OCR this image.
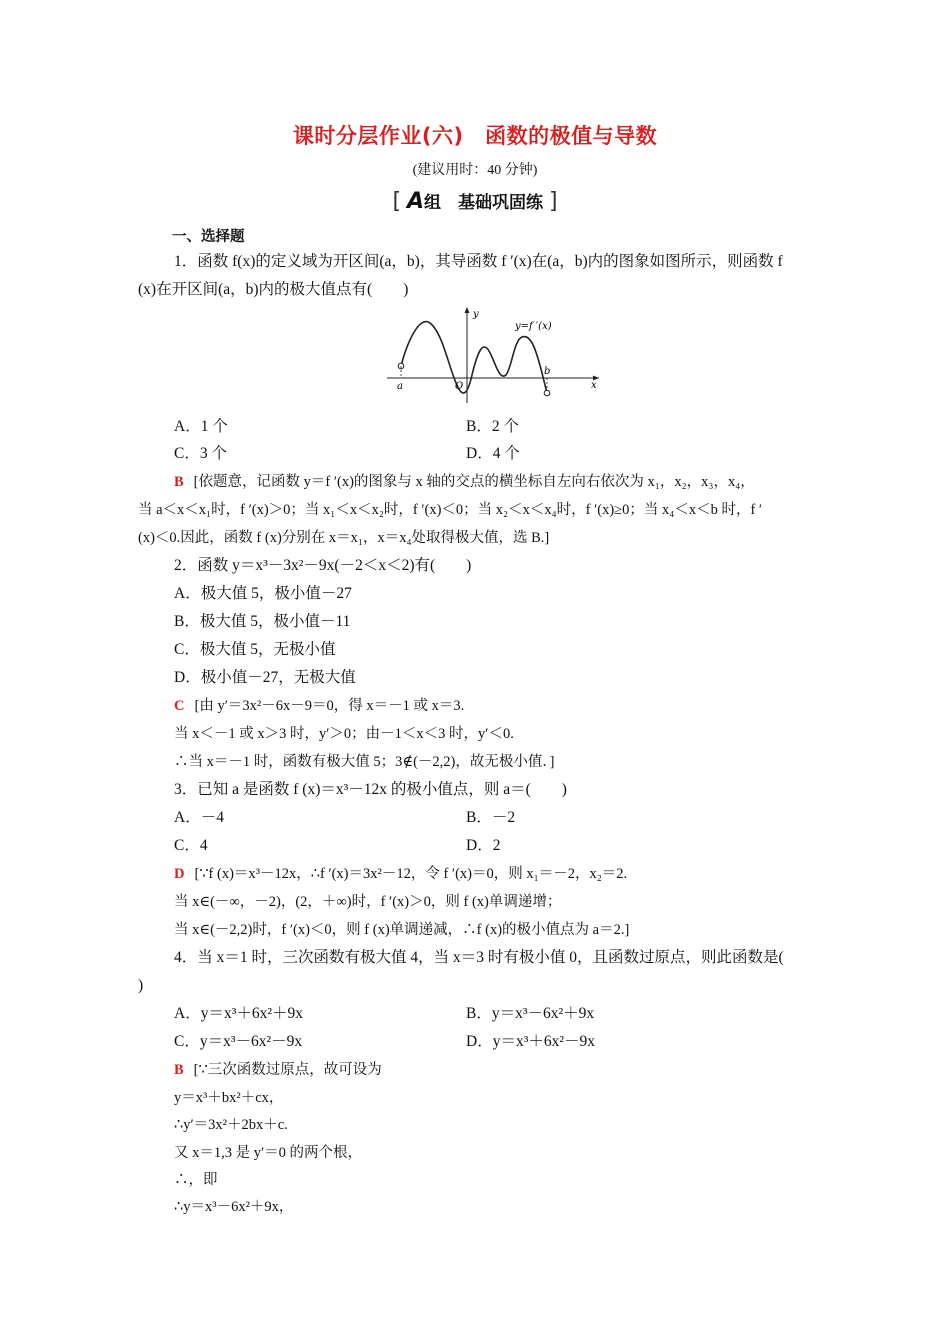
课时分层作业(六)　函数的极值与导数
(建议用时：40 分钟)
[ A组　基础巩固练 ]
一、选择题
1．函数 f(x)的定义域为开区间(a，b)，其导函数 f ′(x)在(a，b)内的图象如图所示，则函数 f
(x)在开区间(a，b)内的极大值点有(　　)
y
x
y=f ′(x)
a
b
O
A．1 个	B．2 个
C．3 个	D．4 个
B [依题意，记函数 y＝f ′(x)的图象与 x 轴的交点的横坐标自左向右依次为 x₁，x₂，x₃，x₄，
当 a＜x＜x₁时，f ′(x)＞0；当 x₁＜x＜x₂时，f ′(x)＜0；当 x₂＜x＜x₄时，f ′(x)≥0；当 x₄＜x＜b 时，f ′
(x)＜0.因此，函数 f (x)分别在 x＝x₁，x＝x₄处取得极大值，选 B.]
2．函数 y＝x³－3x²－9x(－2＜x＜2)有(　　)
A．极大值 5，极小值－27
B．极大值 5，极小值－11
C．极大值 5，无极小值
D．极小值－27，无极大值
C [由 y′＝3x²－6x－9＝0，得 x＝－1 或 x＝3.
当 x＜－1 或 x＞3 时，y′＞0；由－1＜x＜3 时，y′＜0.
∴当 x＝－1 时，函数有极大值 5；3∉(－2,2)，故无极小值．]
3．已知 a 是函数 f (x)＝x³－12x 的极小值点，则 a＝(　　)
A．－4	B．－2
C．4	D．2
D [∵f (x)＝x³－12x，∴f ′(x)＝3x²－12，令 f ′(x)＝0，则 x₁＝－2，x₂＝2.
当 x∈(－∞，－2)，(2，＋∞)时，f ′(x)＞0，则 f (x)单调递增；
当 x∈(－2,2)时，f ′(x)＜0，则 f (x)单调递减，∴f (x)的极小值点为 a＝2.]
4．当 x＝1 时，三次函数有极大值 4，当 x＝3 时有极小值 0，且函数过原点，则此函数是(
)
A．y＝x³＋6x²＋9x	B．y＝x³－6x²＋9x
C．y＝x³－6x²－9x	D．y＝x³＋6x²－9x
B [∵三次函数过原点，故可设为
y＝x³＋bx²＋cx，
∴y′＝3x²＋2bx＋c.
又 x＝1,3 是 y′＝0 的两个根，
∴，即
∴y＝x³－6x²＋9x，
